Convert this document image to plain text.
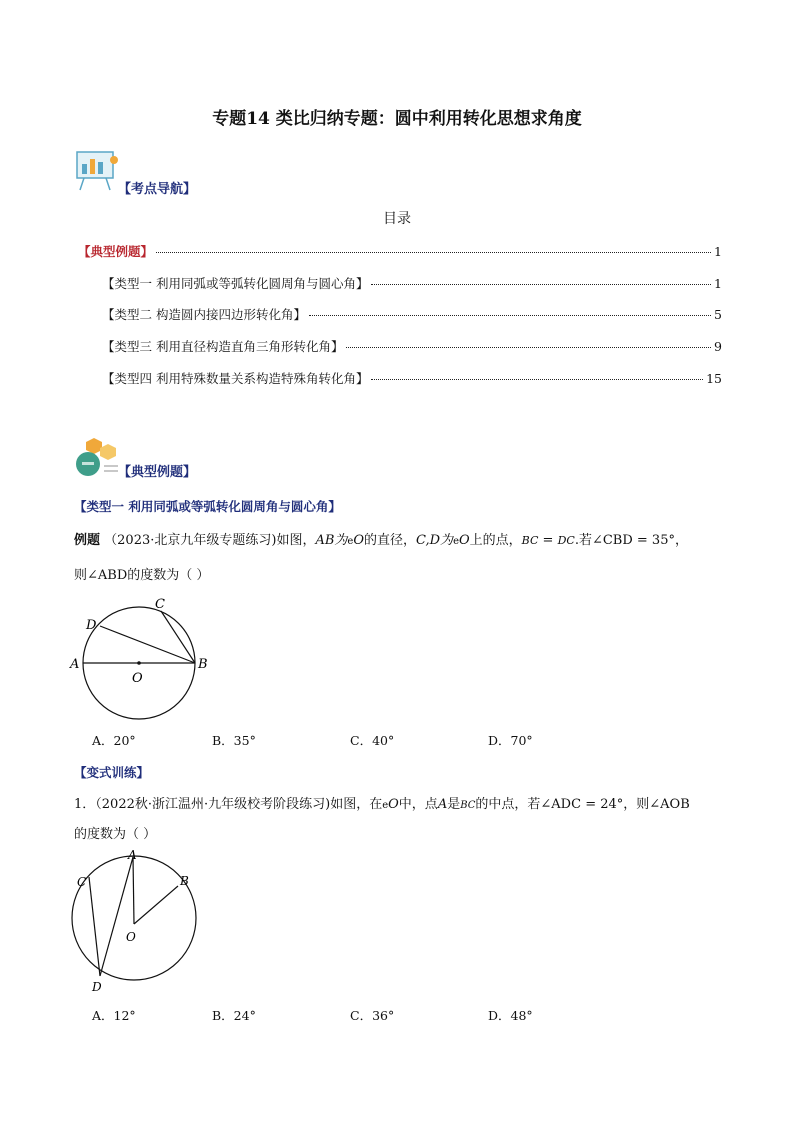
专题14 类比归纳专题：圆中利用转化思想求角度
【考点导航】
目录
【典型例题】	1
【类型一 利用同弧或等弧转化圆周角与圆心角】	1
【类型二 构造圆内接四边形转化角】	5
【类型三 利用直径构造直角三角形转化角】	9
【类型四 利用特殊数量关系构造特殊角转化角】	15
【典型例题】
【类型一 利用同弧或等弧转化圆周角与圆心角】
例题 （2023·北京九年级专题练习)如图，AB为eO的直径，C,D为eO上的点，BC = DC.若∠CBD = 35°，
则∠ABD的度数为（ ）
A	B
C
D
O
A．20°	B．35°	C．40°	D．70°
【变式训练】
1．（2022秋·浙江温州·九年级校考阶段练习)如图，在eO中，点A是BC的中点，若∠ADC = 24°，则∠AOB
的度数为（ ）
A
B
C
D
O
A．12°	B．24°	C．36°	D．48°
